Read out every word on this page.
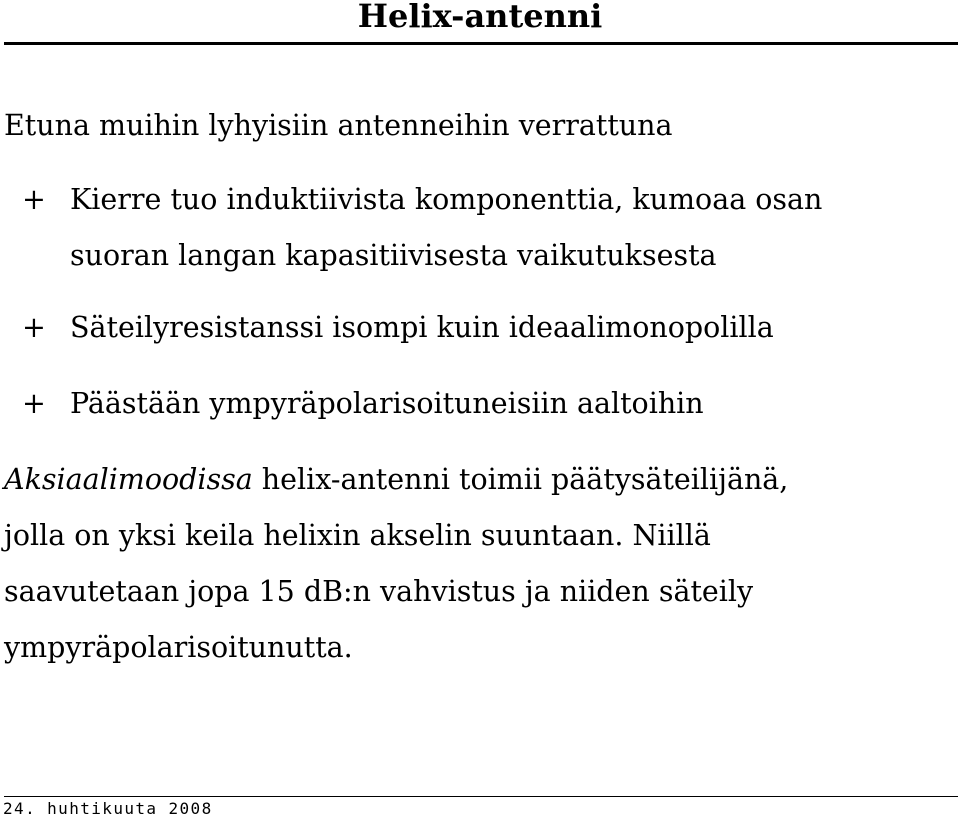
Helix-antenni
Etuna muihin lyhyisiin antenneihin verrattuna
+ Kierre tuo induktiivista komponenttia, kumoaa osan
suoran langan kapasitiivisesta vaikutuksesta
+ Säteilyresistanssi isompi kuin ideaalimonopolilla
+ Päästään ympyräpolarisoituneisiin aaltoihin
Aksiaalimoodissa helix-antenni toimii päätysäteilijänä,
jolla on yksi keila helixin akselin suuntaan. Niillä
saavutetaan jopa 15 dB:n vahvistus ja niiden säteily
ympyräpolarisoitunutta.
24. huhtikuuta 2008
